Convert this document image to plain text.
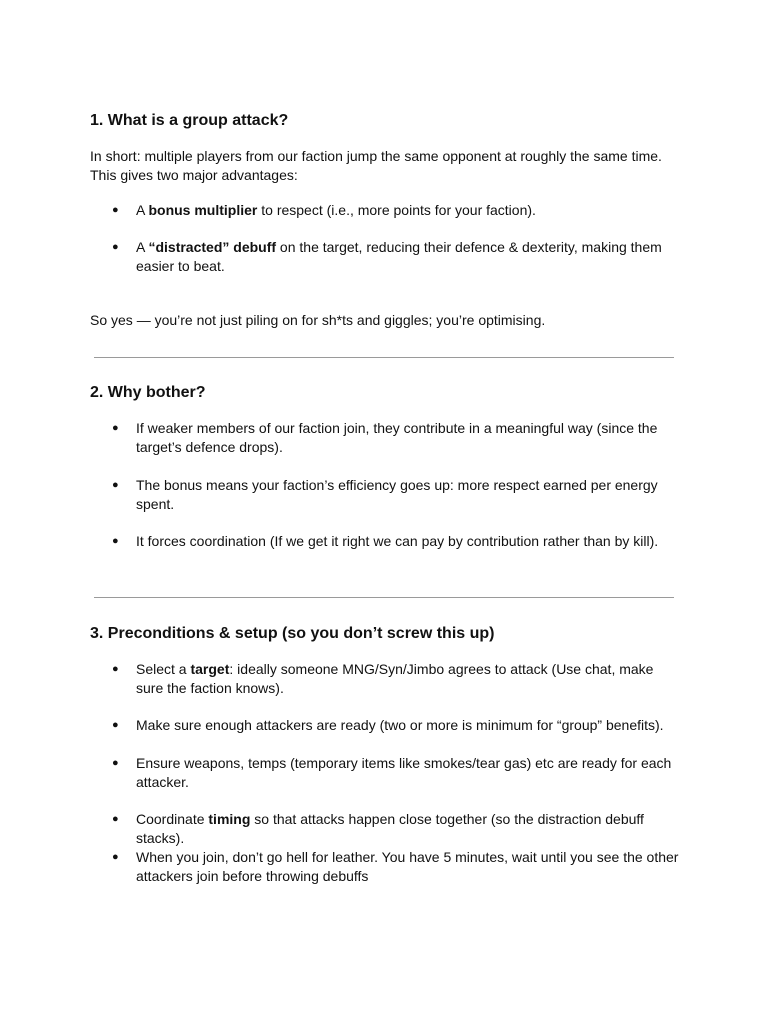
1. What is a group attack?

In short: multiple players from our faction jump the same opponent at roughly the same time.
This gives two major advantages:

● A bonus multiplier to respect (i.e., more points for your faction).
● A “distracted” debuff on the target, reducing their defence & dexterity, making them easier to beat.

So yes — you’re not just piling on for sh*ts and giggles; you’re optimising.

2. Why bother?
● If weaker members of our faction join, they contribute in a meaningful way (since the target’s defence drops).
● The bonus means your faction’s efficiency goes up: more respect earned per energy spent.
● It forces coordination (If we get it right we can pay by contribution rather than by kill).
3. Preconditions & setup (so you don’t screw this up)
● Select a target: ideally someone MNG/Syn/Jimbo agrees to attack (Use chat, make sure the faction knows).
● Make sure enough attackers are ready (two or more is minimum for “group” benefits).
● Ensure weapons, temps (temporary items like smokes/tear gas) etc are ready for each attacker.
● Coordinate timing so that attacks happen close together (so the distraction debuff stacks).
● When you join, don’t go hell for leather. You have 5 minutes, wait until you see the other attackers join before throwing debuffs
